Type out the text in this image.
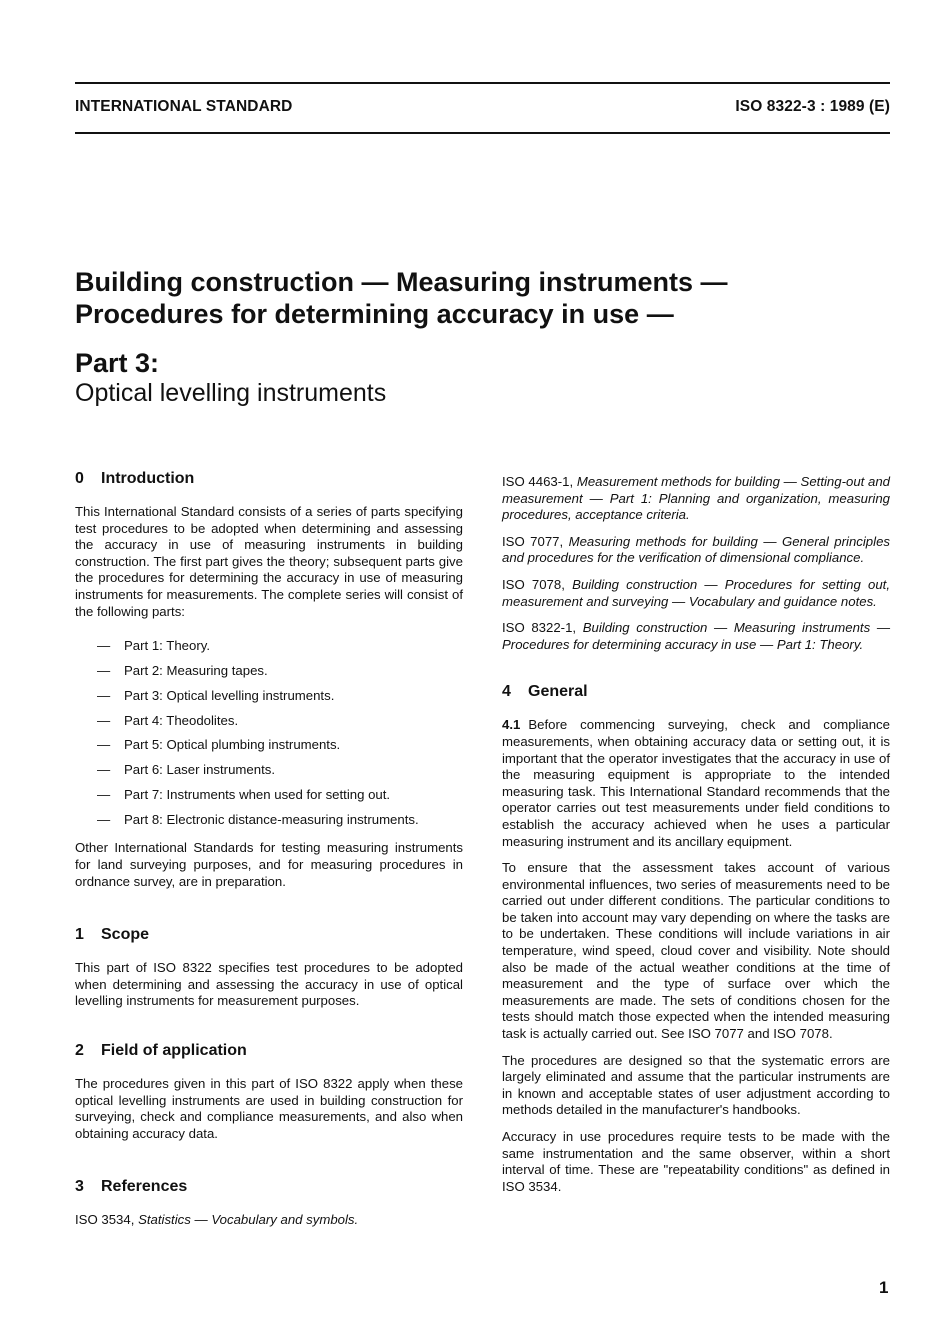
INTERNATIONAL STANDARD	ISO 8322-3 : 1989 (E)
Building construction — Measuring instruments —
Procedures for determining accuracy in use —
Part 3:
Optical levelling instruments
0 Introduction

This International Standard consists of a series of parts specifying test procedures to be adopted when determining and assessing the accuracy in use of measuring instruments in building construction. The first part gives the theory; subsequent parts give the procedures for determining the accuracy in use of measuring instruments for measurements. The complete series will consist of the following parts:

—	Part 1: Theory.
—	Part 2: Measuring tapes.
—	Part 3: Optical levelling instruments.
—	Part 4: Theodolites.
—	Part 5: Optical plumbing instruments.
—	Part 6: Laser instruments.
—	Part 7: Instruments when used for setting out.
—	Part 8: Electronic distance-measuring instruments.

Other International Standards for testing measuring instruments for land surveying purposes, and for measuring procedures in ordnance survey, are in preparation.

1 Scope

This part of ISO 8322 specifies test procedures to be adopted when determining and assessing the accuracy in use of optical levelling instruments for measurement purposes.

2 Field of application

The procedures given in this part of ISO 8322 apply when these optical levelling instruments are used in building construction for surveying, check and compliance measurements, and also when obtaining accuracy data.

3 References

ISO 3534, Statistics — Vocabulary and symbols.

ISO 4463-1, Measurement methods for building — Setting-out and measurement — Part 1: Planning and organization, measuring procedures, acceptance criteria.

ISO 7077, Measuring methods for building — General principles and procedures for the verification of dimensional compliance.

ISO 7078, Building construction — Procedures for setting out, measurement and surveying — Vocabulary and guidance notes.

ISO 8322-1, Building construction — Measuring instruments — Procedures for determining accuracy in use — Part 1: Theory.

4 General

4.1 Before commencing surveying, check and compliance measurements, when obtaining accuracy data or setting out, it is important that the operator investigates that the accuracy in use of the measuring equipment is appropriate to the intended measuring task. This International Standard recommends that the operator carries out test measurements under field conditions to establish the accuracy achieved when he uses a particular measuring instrument and its ancillary equipment.

To ensure that the assessment takes account of various environmental influences, two series of measurements need to be carried out under different conditions. The particular conditions to be taken into account may vary depending on where the tasks are to be undertaken. These conditions will include variations in air temperature, wind speed, cloud cover and visibility. Note should also be made of the actual weather conditions at the time of measurement and the type of surface over which the measurements are made. The sets of conditions chosen for the tests should match those expected when the intended measuring task is actually carried out. See ISO 7077 and ISO 7078.

The procedures are designed so that the systematic errors are largely eliminated and assume that the particular instruments are in known and acceptable states of user adjustment according to methods detailed in the manufacturer's handbooks.

Accuracy in use procedures require tests to be made with the same instrumentation and the same observer, within a short interval of time. These are "repeatability conditions" as defined in ISO 3534.

1
